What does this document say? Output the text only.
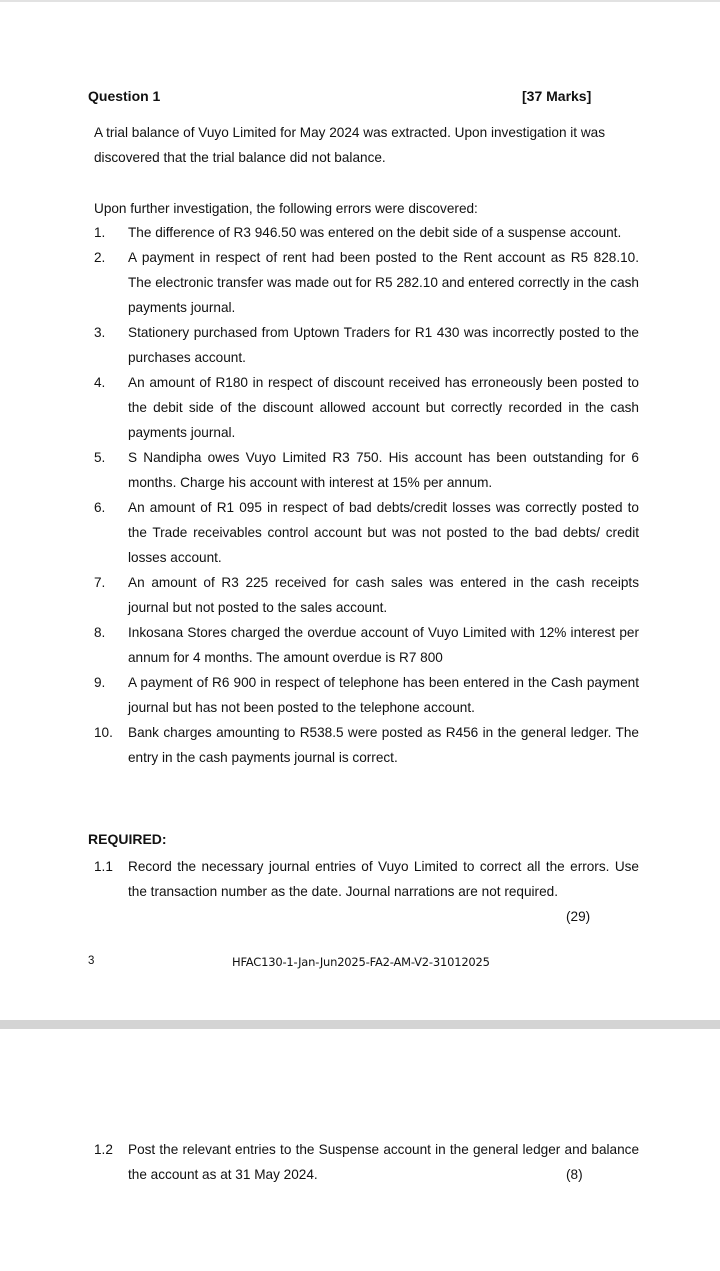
Question 1	[37 Marks]
A trial balance of Vuyo Limited for May 2024 was extracted. Upon investigation it was discovered that the trial balance did not balance.
Upon further investigation, the following errors were discovered:
1.	The difference of R3 946.50 was entered on the debit side of a suspense account.
2.	A payment in respect of rent had been posted to the Rent account as R5 828.10. The electronic transfer was made out for R5 282.10 and entered correctly in the cash payments journal.
3.	Stationery purchased from Uptown Traders for R1 430 was incorrectly posted to the purchases account.
4.	An amount of R180 in respect of discount received has erroneously been posted to the debit side of the discount allowed account but correctly recorded in the cash payments journal.
5.	S Nandipha owes Vuyo Limited R3 750. His account has been outstanding for 6 months. Charge his account with interest at 15% per annum.
6.	An amount of R1 095 in respect of bad debts/credit losses was correctly posted to the Trade receivables control account but was not posted to the bad debts/ credit losses account.
7.	An amount of R3 225 received for cash sales was entered in the cash receipts journal but not posted to the sales account.
8.	Inkosana Stores charged the overdue account of Vuyo Limited with 12% interest per annum for 4 months. The amount overdue is R7 800
9.	A payment of R6 900 in respect of telephone has been entered in the Cash payment journal but has not been posted to the telephone account.
10.	Bank charges amounting to R538.5 were posted as R456 in the general ledger. The entry in the cash payments journal is correct.
REQUIRED:
1.1	Record the necessary journal entries of Vuyo Limited to correct all the errors. Use the transaction number as the date. Journal narrations are not required.
(29)
3	HFAC130-1-Jan-Jun2025-FA2-AM-V2-31012025
1.2	Post the relevant entries to the Suspense account in the general ledger and balance the account as at 31 May 2024.	(8)
